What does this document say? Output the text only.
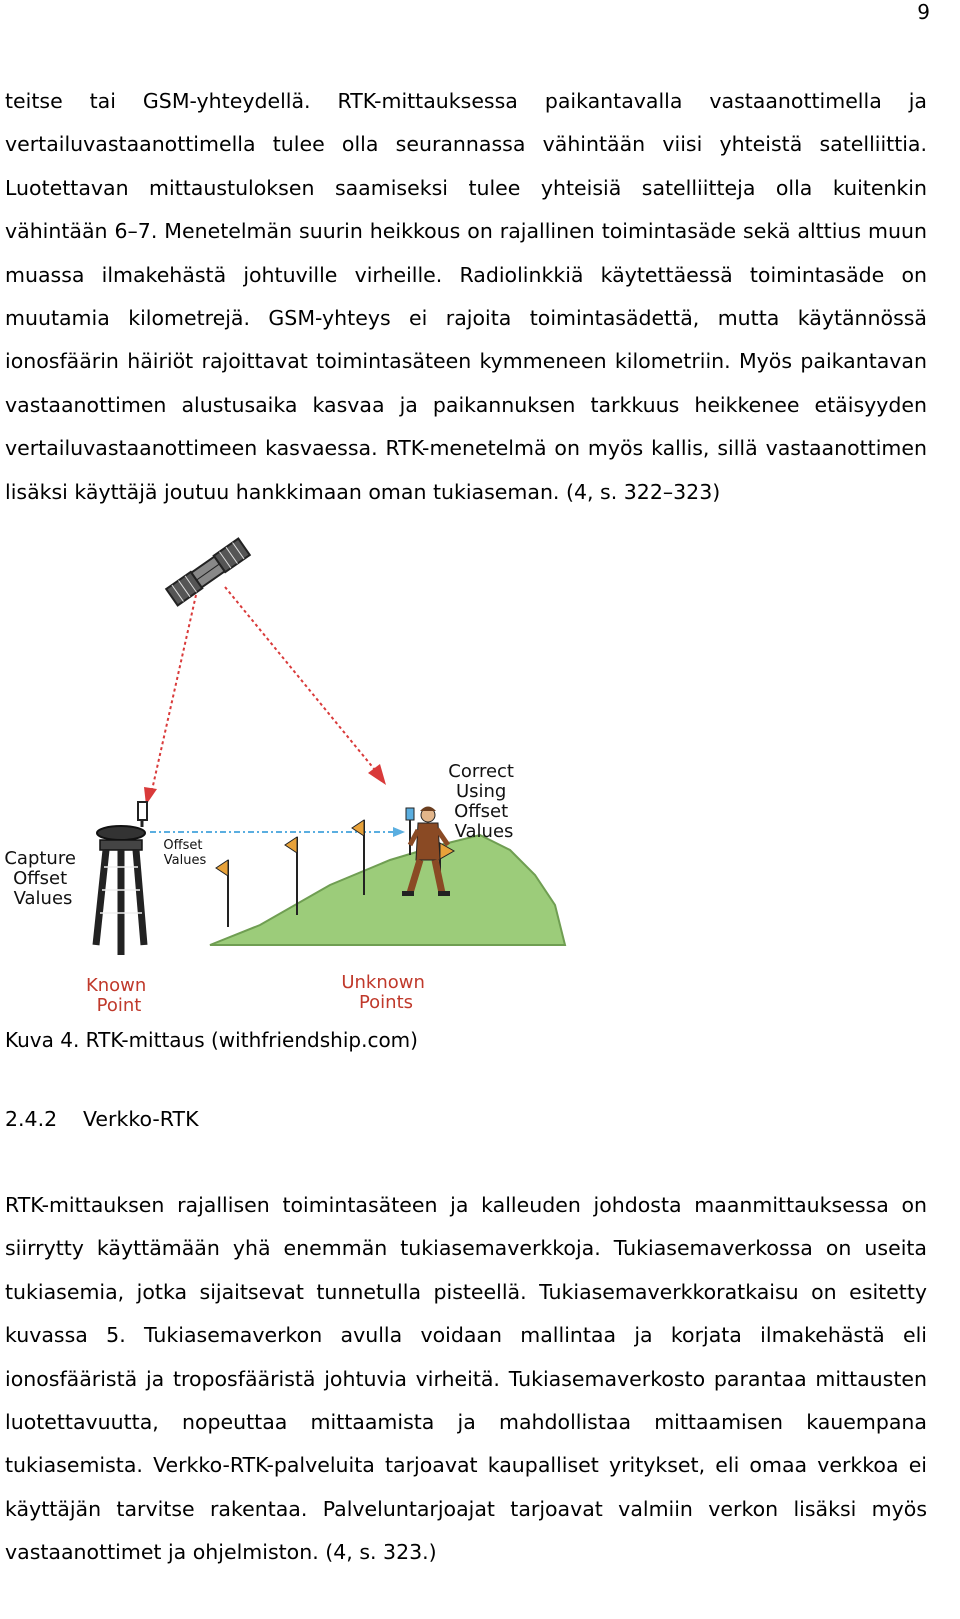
9

teitse tai GSM-yhteydellä. RTK-mittauksessa paikantavalla vastaanottimella ja vertailuvastaanottimella tulee olla seurannassa vähintään viisi yhteistä satelliittia. Luotettavan mittaustuloksen saamiseksi tulee yhteisiä satelliitteja olla kuitenkin vähintään 6–7. Menetelmän suurin heikkous on rajallinen toimintasäde sekä alttius muun muassa ilmakehästä johtuville virheille. Radiolinkkiä käytettäessä toimintasäde on muutamia kilometrejä. GSM-yhteys ei rajoita toimintasädettä, mutta käytännössä ionosfäärin häiriöt rajoittavat toimintasäteen kymmeneen kilometriin. Myös paikantavan vastaanottimen alustusaika kasvaa ja paikannuksen tarkkuus heikkenee etäisyyden vertailuvastaanottimeen kasvaessa. RTK-menetelmä on myös kallis, sillä vastaanottimen lisäksi käyttäjä joutuu hankkimaan oman tukiaseman. (4, s. 322–323)

Capture Offset Values
Offset Values
Correct Using Offset Values
Known Point
Unknown Points

Kuva 4. RTK-mittaus (withfriendship.com)

2.4.2 Verkko-RTK

RTK-mittauksen rajallisen toimintasäteen ja kalleuden johdosta maanmittauksessa on siirrytty käyttämään yhä enemmän tukiasemaverkkoja. Tukiasemaverkossa on useita tukiasemia, jotka sijaitsevat tunnetulla pisteellä. Tukiasemaverkkoratkaisu on esitetty kuvassa 5. Tukiasemaverkon avulla voidaan mallintaa ja korjata ilmakehästä eli ionosfääristä ja troposfääristä johtuvia virheitä. Tukiasemaverkosto parantaa mittausten luotettavuutta, nopeuttaa mittaamista ja mahdollistaa mittaamisen kauempana tukiasemista. Verkko-RTK-palveluita tarjoavat kaupalliset yritykset, eli omaa verkkoa ei käyttäjän tarvitse rakentaa. Palveluntarjoajat tarjoavat valmiin verkon lisäksi myös vastaanottimet ja ohjelmiston. (4, s. 323.)
